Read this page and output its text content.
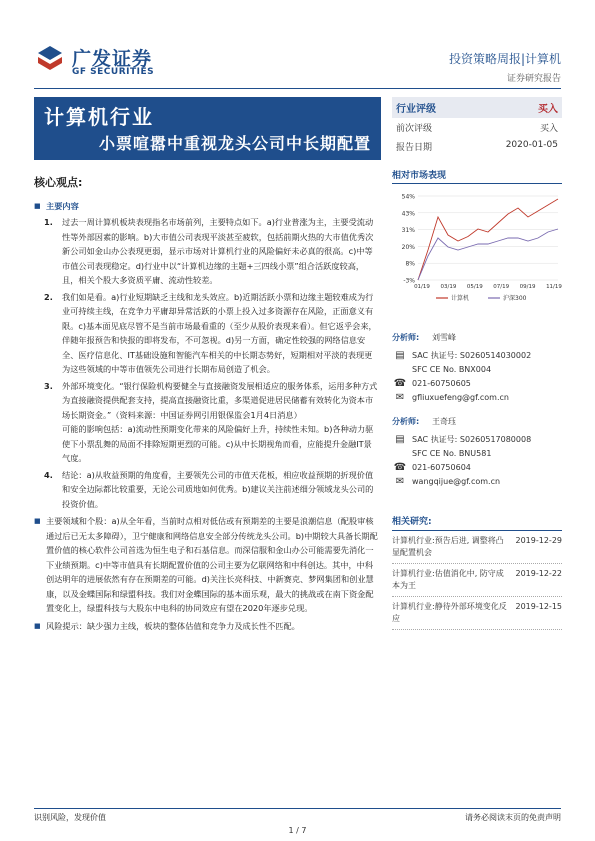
广发证券
GF SECURITIES
投资策略周报|计算机
证券研究报告
计算机行业
小票喧嚣中重视龙头公司中长期配置
行业评级	买入
前次评级	买入
报告日期	2020-01-05
相对市场表现
54%
43%
31%
20%
8%
-3%
01/19 03/19 05/19 07/19 09/19 11/19
计算机	沪深300
分析师:	刘雪峰
▤ SAC 执证号: S0260514030002
SFC CE No. BNX004
☎ 021-60750605
✉ gfliuxuefeng@gf.com.cn
分析师:	王奇珏
▤ SAC 执证号: S0260517080008
SFC CE No. BNU581
☎ 021-60750604
✉ wangqijue@gf.com.cn
相关研究:
计算机行业:预告后进, 调整将凸显配置机会
2019-12-29
计算机行业:估值消化中, 防守成本为王
2019-12-22
计算机行业:静待外部环境变化反应
2019-12-15
核心观点:
■ 主要内容
1. 过去一周计算机板块表现指名市场前列，主要特点如下。a)行业普涨为主，主要受流动性等外部因素的影响。b)大市值公司表现平淡甚至疲软，包括前期火热的大市值优秀次新公司如金山办公表现更弱，显示市场对计算机行业的风险偏好未必真的很高。c)中等市值公司表现稳定。d)行业中以“计算机边缘的主题+三四线小票”组合活跃度较高，且，相关个股大多资质平庸、流动性较差。
2. 我们如是看。a)行业短期缺乏主线和龙头效应。b)近期活跃小票和边缘主题较难成为行业可持续主线，在竞争力平庸却异常活跃的小票上投入过多资源存在风险，正面意义有限。c)基本面见底尽管不是当前市场最看重的（至少从股价表现来看）。但它返乎会来，伴随年报预告和快报的即将发布，不可忽视。d)另一方面，确定性较强的网络信息安全、医疗信息化、IT基础设施和智能汽车相关的中长期态势好，短期相对平淡的表现更为这些领域的中等市值领先公司进行长期布局创造了机会。
3. 外部环境变化。“银行保险机构要健全与直接融资发展相适应的服务体系，运用多种方式为直接融资提供配套支持，提高直接融资比重，多渠道促进居民储蓄有效转化为资本市场长期资金。”（资料来源：中国证券网引用银保监会1月4日消息）
可能的影响包括：a)流动性预期变化带来的风险偏好上升，持续性未知。b)各种动力驱使下小票乱舞的局面不排除短期更烈的可能。c)从中长期视角而看，应能提升金融IT景气度。
4. 结论：a)从收益预期的角度看，主要领先公司的市值天花板，相应收益预期的折现价值和安全边际都比较重要，无论公司质地如何优秀。b)建议关注前述细分领域龙头公司的投资价值。
■ 主要领域和个股：a)从全年看，当前时点相对低估或有预期差的主要是浪潮信息（配股审核通过后已无太多障碍），卫宁健康和网络信息安全部分传统龙头公司。b)中期较大具备长期配置价值的核心软件公司首选为恒生电子和石基信息。而深信服和金山办公可能需要先消化一下业绩预期。c)中等市值具有长期配置价值的公司主要为亿联网络和中科创达。其中，中科创达明年的进展依然有存在预期差的可能。d)关注长亮科技、中新赛克、梦网集团和创业慧康，以及金蝶国际和绿盟科技。我们对金蝶国际的基本面乐观，最大的挑战或在南下资金配置变化上，绿盟科技与大股东中电科的协同效应有望在2020年逐步兑现。
■ 风险提示：缺少强力主线，板块的整体估值和竞争力及成长性不匹配。
识别风险，发现价值	请务必阅读末页的免责声明
1 / 7
